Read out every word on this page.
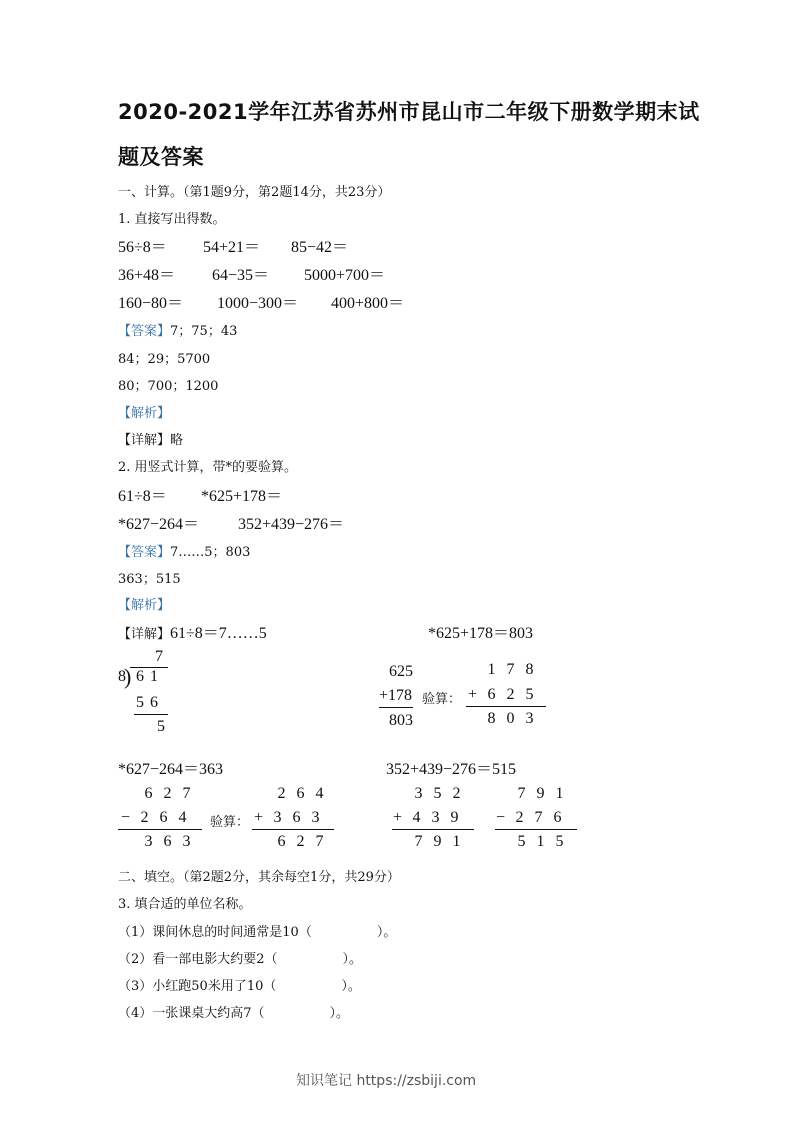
2020-2021学年江苏省苏州市昆山市二年级下册数学期末试
题及答案
一、计算。（第1题9分，第2题14分，共23分）
1. 直接写出得数。
56÷8＝ 54+21＝ 85−42＝
36+48＝ 64−35＝ 5000+700＝
160−80＝ 1000−300＝ 400+800＝
【答案】7；75；43
84；29；5700
80；700；1200
【解析】
【详解】略
2. 用竖式计算，带*的要验算。
61÷8＝ *625+178＝
*627−264＝ 352+439−276＝
【答案】7……5；803
363；515
【解析】
【详解】61÷8＝7……5	*625+178＝803
7
8
) 6 1
5 6
5
625
+178
803
验算：
1 7 8
+ 6 2 5
8 0 3
*627−264＝363	352+439−276＝515
6 2 7
− 2 6 4
3 6 3
验算：
2 6 4
+ 3 6 3
6 2 7
3 5 2
+ 4 3 9
7 9 1
7 9 1
− 2 7 6
5 1 5
二、填空。（第2题2分，其余每空1分，共29分）
3. 填合适的单位名称。
（1）课间休息的时间通常是10（　　　　　）。
（2）看一部电影大约要2（　　　　　）。
（3）小红跑50米用了10（　　　　　）。
（4）一张课桌大约高7（　　　　　）。
知识笔记 https://zsbiji.com
